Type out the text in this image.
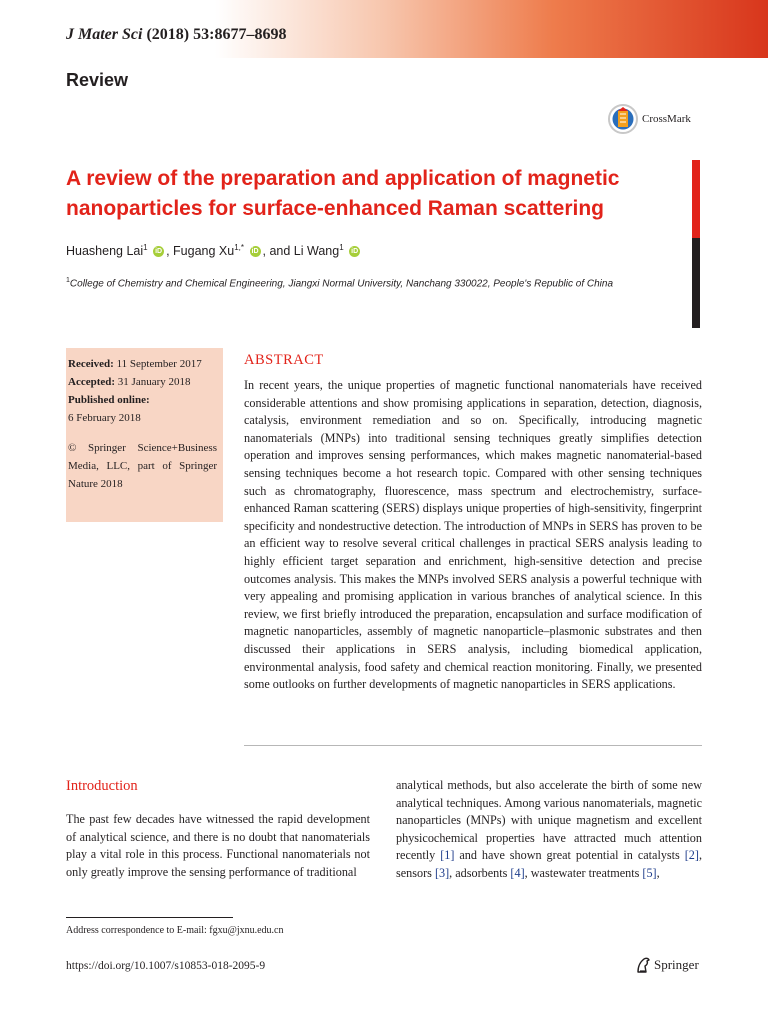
J Mater Sci (2018) 53:8677–8698
Review
CrossMark
A review of the preparation and application of magnetic nanoparticles for surface-enhanced Raman scattering
Huasheng Lai$^1$ iD , Fugang $Xu^{1,*}$ iD , and Li Wang$^1$ iD
$^1$College of Chemistry and Chemical Engineering, Jiangxi Normal University, Nanchang 330022, People's Republic of China
Received: 11 September 2017
Accepted: 31 January 2018
Published online:
6 February 2018
© Springer Science+Business Media, LLC, part of Springer Nature 2018
ABSTRACT
In recent years, the unique properties of magnetic functional nanomaterials have received considerable attentions and show promising applications in separation, detection, diagnosis, catalysis, environment remediation and so on. Specifically, introducing magnetic nanomaterials (MNPs) into traditional sensing techniques greatly simplifies detection operation and improves sensing performances, which makes magnetic nanomaterial-based sensing techniques become a hot research topic. Compared with other sensing techniques such as chromatography, fluorescence, mass spectrum and electrochemistry, surface-enhanced Raman scattering (SERS) displays unique properties of high-sensitivity, fingerprint specificity and nondestructive detection. The introduction of MNPs in SERS has proven to be an efficient way to resolve several critical challenges in practical SERS analysis leading to highly efficient target separation and enrichment, high-sensitive detection and precise outcomes analysis. This makes the MNPs involved SERS analysis a powerful technique with very appealing and promising application in various branches of analytical science. In this review, we first briefly introduced the preparation, encapsulation and surface modification of magnetic nanoparticles, assembly of magnetic nanoparticle–plasmonic substrates and then discussed their applications in SERS analysis, including biomedical application, environmental analysis, food safety and chemical reaction monitoring. Finally, we presented some outlooks on further developments of magnetic nanoparticles in SERS applications.
Introduction
The past few decades have witnessed the rapid development of analytical science, and there is no doubt that nanomaterials play a vital role in this process. Functional nanomaterials not only greatly improve the sensing performance of traditional
analytical methods, but also accelerate the birth of some new analytical techniques. Among various nanomaterials, magnetic nanoparticles (MNPs) with unique magnetism and excellent physicochemical properties have attracted much attention recently [1] and have shown great potential in catalysts [2], sensors [3], adsorbents [4], wastewater treatments [5],
Address correspondence to E-mail: fgxu@jxnu.edu.cn
https://doi.org/10.1007/s10853-018-2095-9	Springer
